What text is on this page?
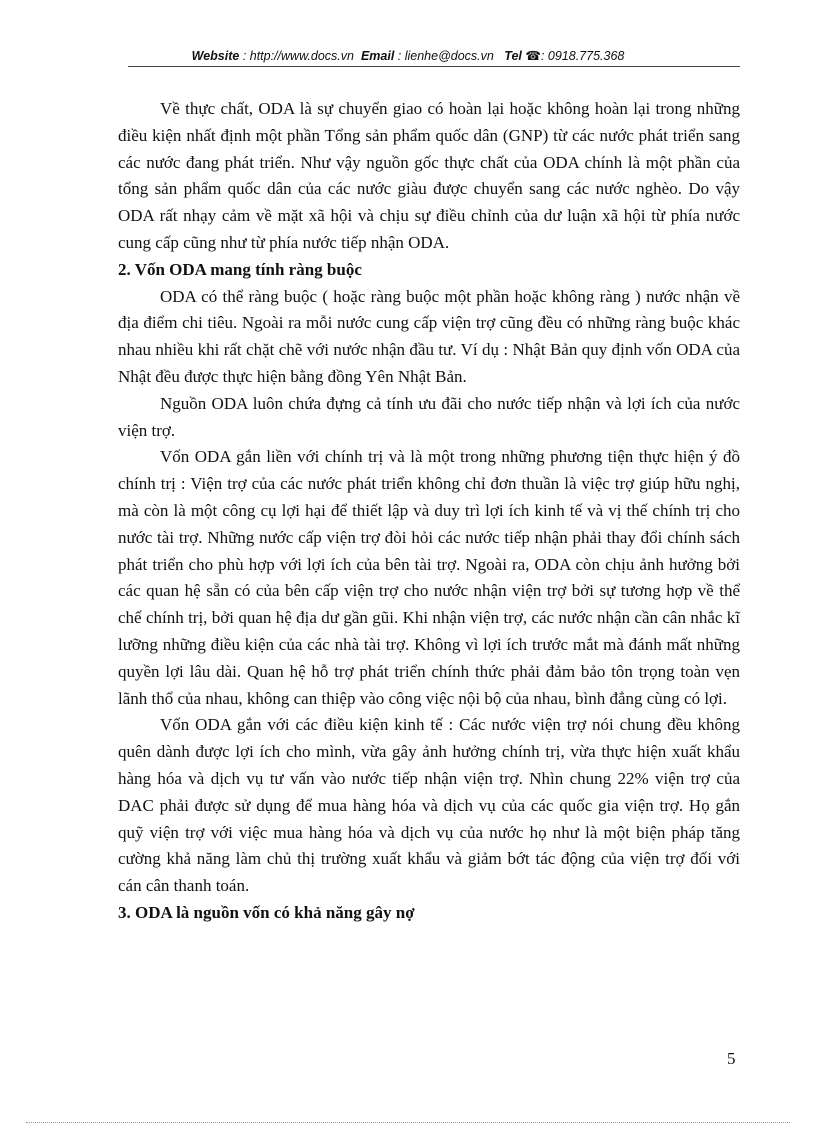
Website : http://www.docs.vn Email : lienhe@docs.vn Tel ☎: 0918.775.368

Về thực chất, ODA là sự chuyển giao có hoàn lại hoặc không hoàn lại trong những điều kiện nhất định một phần Tổng sản phẩm quốc dân (GNP) từ các nước phát triển sang các nước đang phát triển. Như vậy nguồn gốc thực chất của ODA chính là một phần của tổng sản phẩm quốc dân của các nước giàu được chuyển sang các nước nghèo. Do vậy ODA rất nhạy cảm về mặt xã hội và chịu sự điều chỉnh của dư luận xã hội từ phía nước cung cấp cũng như từ phía nước tiếp nhận ODA.

2. Vốn ODA mang tính ràng buộc

ODA có thể ràng buộc ( hoặc ràng buộc một phần hoặc không ràng ) nước nhận về địa điểm chi tiêu. Ngoài ra mỗi nước cung cấp viện trợ cũng đều có những ràng buộc khác nhau nhiều khi rất chặt chẽ với nước nhận đầu tư. Ví dụ : Nhật Bản quy định vốn ODA của Nhật đều được thực hiện bằng đồng Yên Nhật Bản.

Nguồn ODA luôn chứa đựng cả tính ưu đãi cho nước tiếp nhận và lợi ích của nước viện trợ.

Vốn ODA gắn liền với chính trị và là một trong những phương tiện thực hiện ý đồ chính trị : Viện trợ của các nước phát triển không chỉ đơn thuần là việc trợ giúp hữu nghị, mà còn là một công cụ lợi hại để thiết lập và duy trì lợi ích kinh tế và vị thế chính trị cho nước tài trợ. Những nước cấp viện trợ đòi hỏi các nước tiếp nhận phải thay đổi chính sách phát triển cho phù hợp với lợi ích của bên tài trợ. Ngoài ra, ODA còn chịu ảnh hưởng bởi các quan hệ sẵn có của bên cấp viện trợ cho nước nhận viện trợ bởi sự tương hợp về thể chế chính trị, bởi quan hệ địa dư gần gũi. Khi nhận viện trợ, các nước nhận cần cân nhắc kĩ lưỡng những điều kiện của các nhà tài trợ. Không vì lợi ích trước mắt mà đánh mất những quyền lợi lâu dài. Quan hệ hỗ trợ phát triển chính thức phải đảm bảo tôn trọng toàn vẹn lãnh thổ của nhau, không can thiệp vào công việc nội bộ của nhau, bình đẳng cùng có lợi.

Vốn ODA gắn với các điều kiện kinh tế : Các nước viện trợ nói chung đều không quên dành được lợi ích cho mình, vừa gây ảnh hưởng chính trị, vừa thực hiện xuất khẩu hàng hóa và dịch vụ tư vấn vào nước tiếp nhận viện trợ. Nhìn chung 22% viện trợ của DAC phải được sử dụng để mua hàng hóa và dịch vụ của các quốc gia viện trợ. Họ gắn quỹ viện trợ với việc mua hàng hóa và dịch vụ của nước họ như là một biện pháp tăng cường khả năng làm chủ thị trường xuất khẩu và giảm bớt tác động của viện trợ đối với cán cân thanh toán.

3. ODA là nguồn vốn có khả năng gây nợ
5
